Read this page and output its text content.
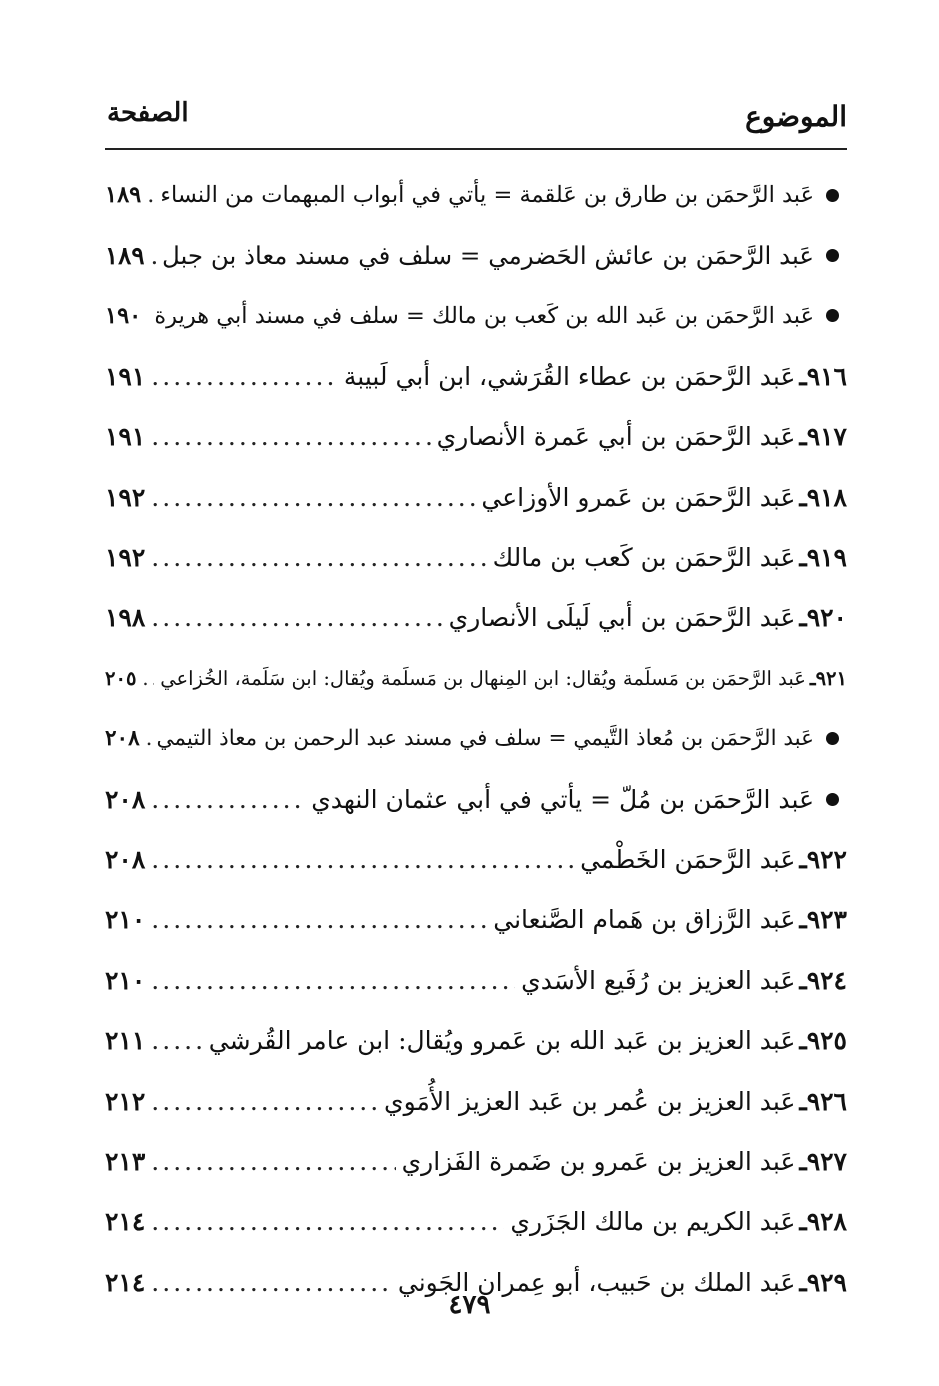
الموضوع
الصفحة
عَبد الرَّحمَن بن طارق بن عَلقمة = يأتي في أبواب المبهمات من النساء
.....
١٨٩
عَبد الرَّحمَن بن عائش الحَضرمي = سلف في مسند معاذ بن جبل
.....
١٨٩
عَبد الرَّحمَن بن عَبد الله بن كَعب بن مالك = سلف في مسند أبي هريرة
.....
١٩٠
٩١٦ـ
عَبد الرَّحمَن بن عطاء القُرَشي، ابن أبي لَبيبة
.....
١٩١
٩١٧ـ
عَبد الرَّحمَن بن أبي عَمرة الأنصاري
.....
١٩١
٩١٨ـ
عَبد الرَّحمَن بن عَمرو الأوزاعي
.....
١٩٢
٩١٩ـ
عَبد الرَّحمَن بن كَعب بن مالك
.....
١٩٢
٩٢٠ـ
عَبد الرَّحمَن بن أبي لَيلَى الأنصاري
.....
١٩٨
٩٢١ـ
عَبد الرَّحمَن بن مَسلَمة ويُقال: ابن المِنهال بن مَسلَمة ويُقال: ابن سَلَمة، الخُزاعي
.....
٢٠٥
عَبد الرَّحمَن بن مُعاذ التَّيمي = سلف في مسند عبد الرحمن بن معاذ التيمي
.....
٢٠٨
عَبد الرَّحمَن بن مُلّ = يأتي في أبي عثمان النهدي
.....
٢٠٨
٩٢٢ـ
عَبد الرَّحمَن الخَطْمي
.....
٢٠٨
٩٢٣ـ
عَبد الرَّزاق بن هَمام الصَّنعاني
.....
٢١٠
٩٢٤ـ
عَبد العزيز بن رُفَيع الأسَدي
.....
٢١٠
٩٢٥ـ
عَبد العزيز بن عَبد الله بن عَمرو ويُقال: ابن عامر القُرشي
.....
٢١١
٩٢٦ـ
عَبد العزيز بن عُمر بن عَبد العزيز الأُمَوي
.....
٢١٢
٩٢٧ـ
عَبد العزيز بن عَمرو بن ضَمرة الفَزاري
.....
٢١٣
٩٢٨ـ
عَبد الكريم بن مالك الجَزَري
.....
٢١٤
٩٢٩ـ
عَبد الملك بن حَبيب، أبو عِمران الجَوني
.....
٢١٤
٤٧٩
